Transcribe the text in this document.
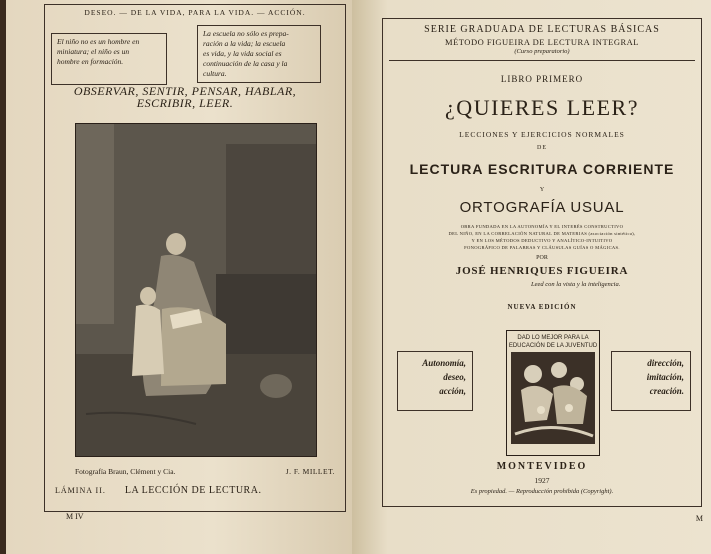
DESEO. — DE LA VIDA, PARA LA VIDA. — ACCIÓN.
El niño no es un hombre en
miniatura; el niño es un
hombre en formación.
La escuela no sólo es prepa-
ración a la vida; la escuela
es vida, y la vida social es
continuación de la casa y la
cultura.
OBSERVAR, SENTIR, PENSAR, HABLAR,
ESCRIBIR, LEER.
Fotografía Braun, Clément y Cia.	J. F. MILLET.
LÁMINA II. LA LECCIÓN DE LECTURA.
M IV
SERIE GRADUADA DE LECTURAS BÁSICAS
MÉTODO FIGUEIRA DE LECTURA INTEGRAL
(Curso preparatorio)
LIBRO PRIMERO
¿QUIERES LEER?
LECCIONES Y EJERCICIOS NORMALES
DE
LECTURA ESCRITURA CORRIENTE
Y
ORTOGRAFÍA USUAL
OBRA FUNDADA EN LA AUTONOMÍA Y EL INTERÉS CONSTRUCTIVO
DEL NIÑO, EN LA CORRELACIÓN NATURAL DE MATERIAS (asociación sintética),
Y EN LOS MÉTODOS DEDUCTIVO Y ANALÍTICO-INTUITIVO
FONOGRÁFICO DE PALABRAS Y CLÁUSULAS GUÍAS O MÁGICAS.
POR
JOSÉ HENRIQUES FIGUEIRA
Leed con la vista y la inteligencia.
NUEVA EDICIÓN
Autonomía,
deseo,
acción,
DAD LO MEJOR PARA LA
EDUCACIÓN DE LA JUVENTUD
dirección,
imitación,
creación.
MONTEVIDEO
1927
Es propiedad. — Reproducción prohibida (Copyright).
M
